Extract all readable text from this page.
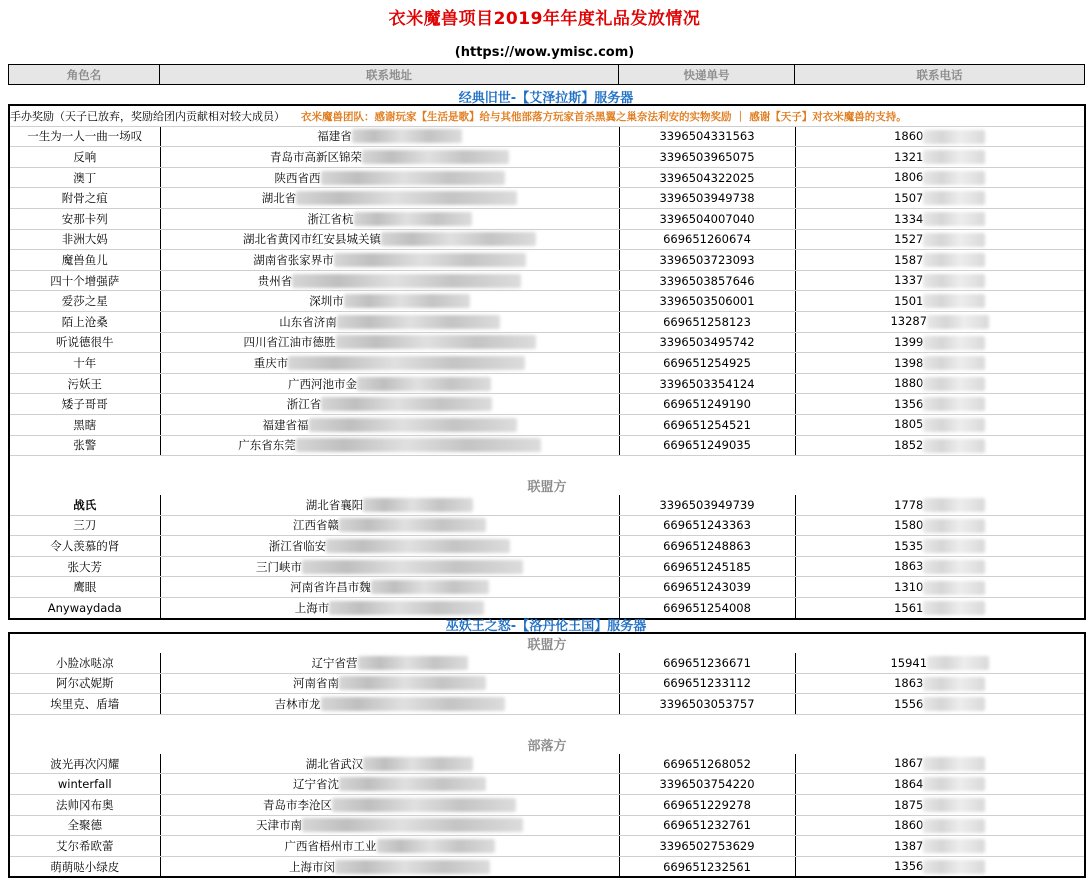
衣米魔兽项目2019年年度礼品发放情况
(https://wow.ymisc.com)
角色名	联系地址	快递单号	联系电话
经典旧世-【艾泽拉斯】服务器
手办奖励（天子已放弃，奖励给团内贡献相对较大成员）		衣米魔兽团队：感谢玩家【生活是歌】给与其他部落方玩家首杀黑翼之巢奈法利安的实物奖励 ｜ 感谢【天子】对衣米魔兽的支持。	

一生为一人一曲一场叹	福建省	3396504331563	1860
反响	青岛市高新区锦荣	3396503965075	1321
澳丁	陕西省西	3396504322025	1806
附骨之疽	湖北省	3396503949738	1507
安那卡列	浙江省杭	3396504007040	1334
非洲大妈	湖北省黄冈市红安县城关镇	669651260674	1527
魔兽鱼儿	湖南省张家界市	3396503723093	1587
四十个增强萨	贵州省	3396503857646	1337
爱莎之星	深圳市	3396503506001	1501
陌上沧桑	山东省济南	669651258123	13287
听说德很牛	四川省江油市德胜	3396503495742	1399
十年	重庆市	669651254925	1398
污妖王	广西河池市金	3396503354124	1880
矮子哥哥	浙江省	669651249190	1356
黑瞎	福建省福	669651254521	1805
张警	广东省东莞	669651249035	1852
联盟方			
战氏	湖北省襄阳	3396503949739	1778
三刀	江西省赣	669651243363	1580
令人羡慕的肾	浙江省临安	669651248863	1535
张大芳	三门峡市	669651245185	1863
鹰眼	河南省许昌市魏	669651243039	1310
Anywaydada	上海市	669651254008	1561
巫妖王之怒-【洛丹伦王国】服务器
联盟方			
小脸冰哒凉	辽宁省营	669651236671	15941
阿尔忒妮斯	河南省南	669651233112	1863
埃里克、盾墙	吉林市龙	3396503053757	1556
部落方			
波光再次闪耀	湖北省武汉	669651268052	1867
winterfall	辽宁省沈	3396503754220	1864
法帅冈布奥	青岛市李沧区	669651229278	1875
全聚德	天津市南	669651232761	1860
艾尔希欧蕾	广西省梧州市工业	3396502753629	1387
萌萌哒小绿皮	上海市闵	669651232561	1356
